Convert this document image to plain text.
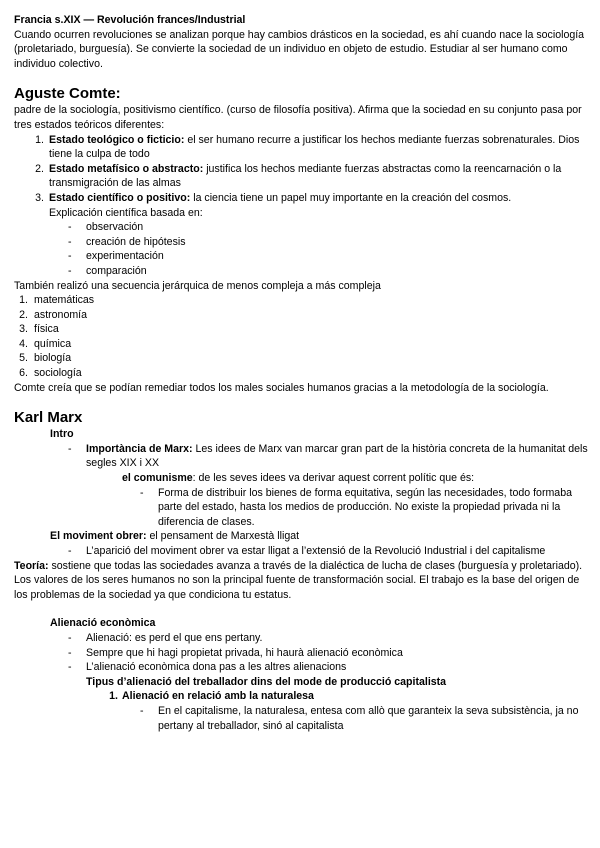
Francia s.XIX — Revolución frances/Industrial

Cuando ocurren revoluciones se analizan porque hay cambios drásticos en la sociedad, es ahí cuando nace la sociología (proletariado, burguesía). Se convierte la sociedad de un individuo en objeto de estudio. Estudiar al ser humano como individuo colectivo.

Aguste Comte:

padre de la sociología, positivismo científico. (curso de filosofía positiva). Afirma que la sociedad en su conjunto pasa por tres estados teóricos diferentes:

1. Estado teológico o ficticio: el ser humano recurre a justificar los hechos mediante fuerzas sobrenaturales. Dios tiene la culpa de todo
2. Estado metafísico o abstracto: justifica los hechos mediante fuerzas abstractas como la reencarnación o la transmigración de las almas
3. Estado científico o positivo: la ciencia tiene un papel muy importante en la creación del cosmos.

Explicación científica basada en:

- observación
- creación de hipótesis
- experimentación
- comparación

También realizó una secuencia jerárquica de menos compleja a más compleja

1. matemáticas
2. astronomía
3. física
4. química
5. biología
6. sociología

Comte creía que se podían remediar todos los males sociales humanos gracias a la metodología de la sociología.

Karl Marx

Intro

- Importància de Marx: Les idees de Marx van marcar gran part de la història concreta de la humanitat dels segles XIX i XX

el comunisme: de les seves idees va derivar aquest corrent polític que és:

- Forma de distribuir los bienes de forma equitativa, según las necesidades, todo formaba parte del estado, hasta los medios de producción. No existe la propiedad privada ni la diferencia de clases.

El moviment obrer: el pensament de Marxestà lligat

- L’aparició del moviment obrer va estar lligat a l’extensió de la Revolució Industrial i del capitalisme

Teoría: sostiene que todas las sociedades avanza a través de la dialéctica de lucha de clases (burguesía y proletariado). Los valores de los seres humanos no son la principal fuente de transformación social. El trabajo es la base del origen de los problemas de la sociedad ya que condiciona tu estatus.

Alienació econòmica

- Alienació: es perd el que ens pertany.
- Sempre que hi hagi propietat privada, hi haurà alienació econòmica
- L’alienació econòmica dona pas a les altres alienacions

Tipus d’alienació del treballador dins del mode de producció capitalista

1. Alienació en relació amb la naturalesa
- En el capitalisme, la naturalesa, entesa com allò que garanteix la seva subsistència, ja no pertany al treballador, sinó al capitalista
